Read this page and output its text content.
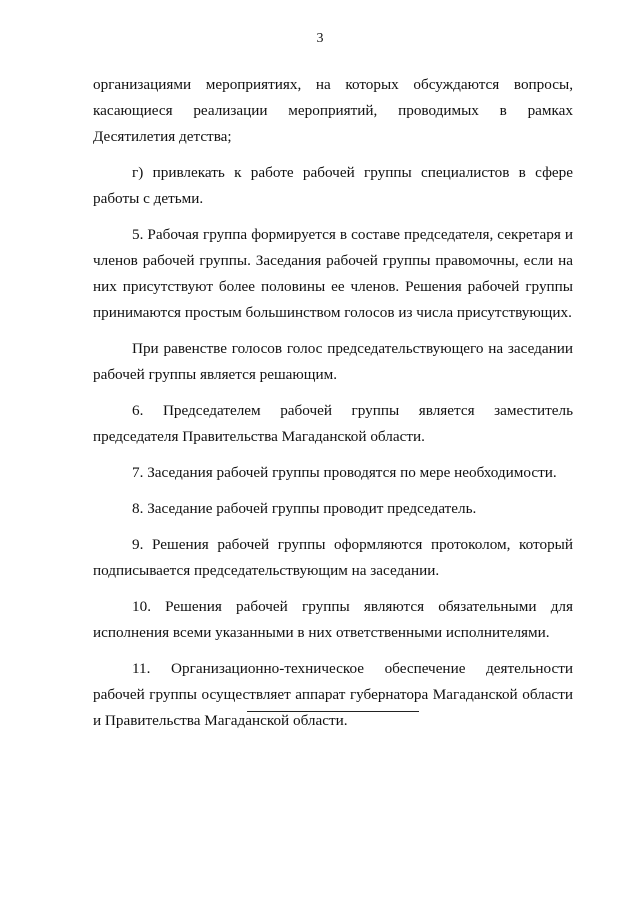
3

организациями мероприятиях, на которых обсуждаются вопросы, касающиеся реализации мероприятий, проводимых в рамках Десятилетия детства;

г) привлекать к работе рабочей группы специалистов в сфере работы с детьми.

5. Рабочая группа формируется в составе председателя, секретаря и членов рабочей группы. Заседания рабочей группы правомочны, если на них присутствуют более половины ее членов. Решения рабочей группы принимаются простым большинством голосов из числа присутствующих.

При равенстве голосов голос председательствующего на заседании рабочей группы является решающим.

6. Председателем рабочей группы является заместитель председателя Правительства Магаданской области.

7. Заседания рабочей группы проводятся по мере необходимости.

8. Заседание рабочей группы проводит председатель.

9. Решения рабочей группы оформляются протоколом, который подписывается председательствующим на заседании.

10. Решения рабочей группы являются обязательными для исполнения всеми указанными в них ответственными исполнителями.

11. Организационно-техническое обеспечение деятельности рабочей группы осуществляет аппарат губернатора Магаданской области и Правительства Магаданской области.
